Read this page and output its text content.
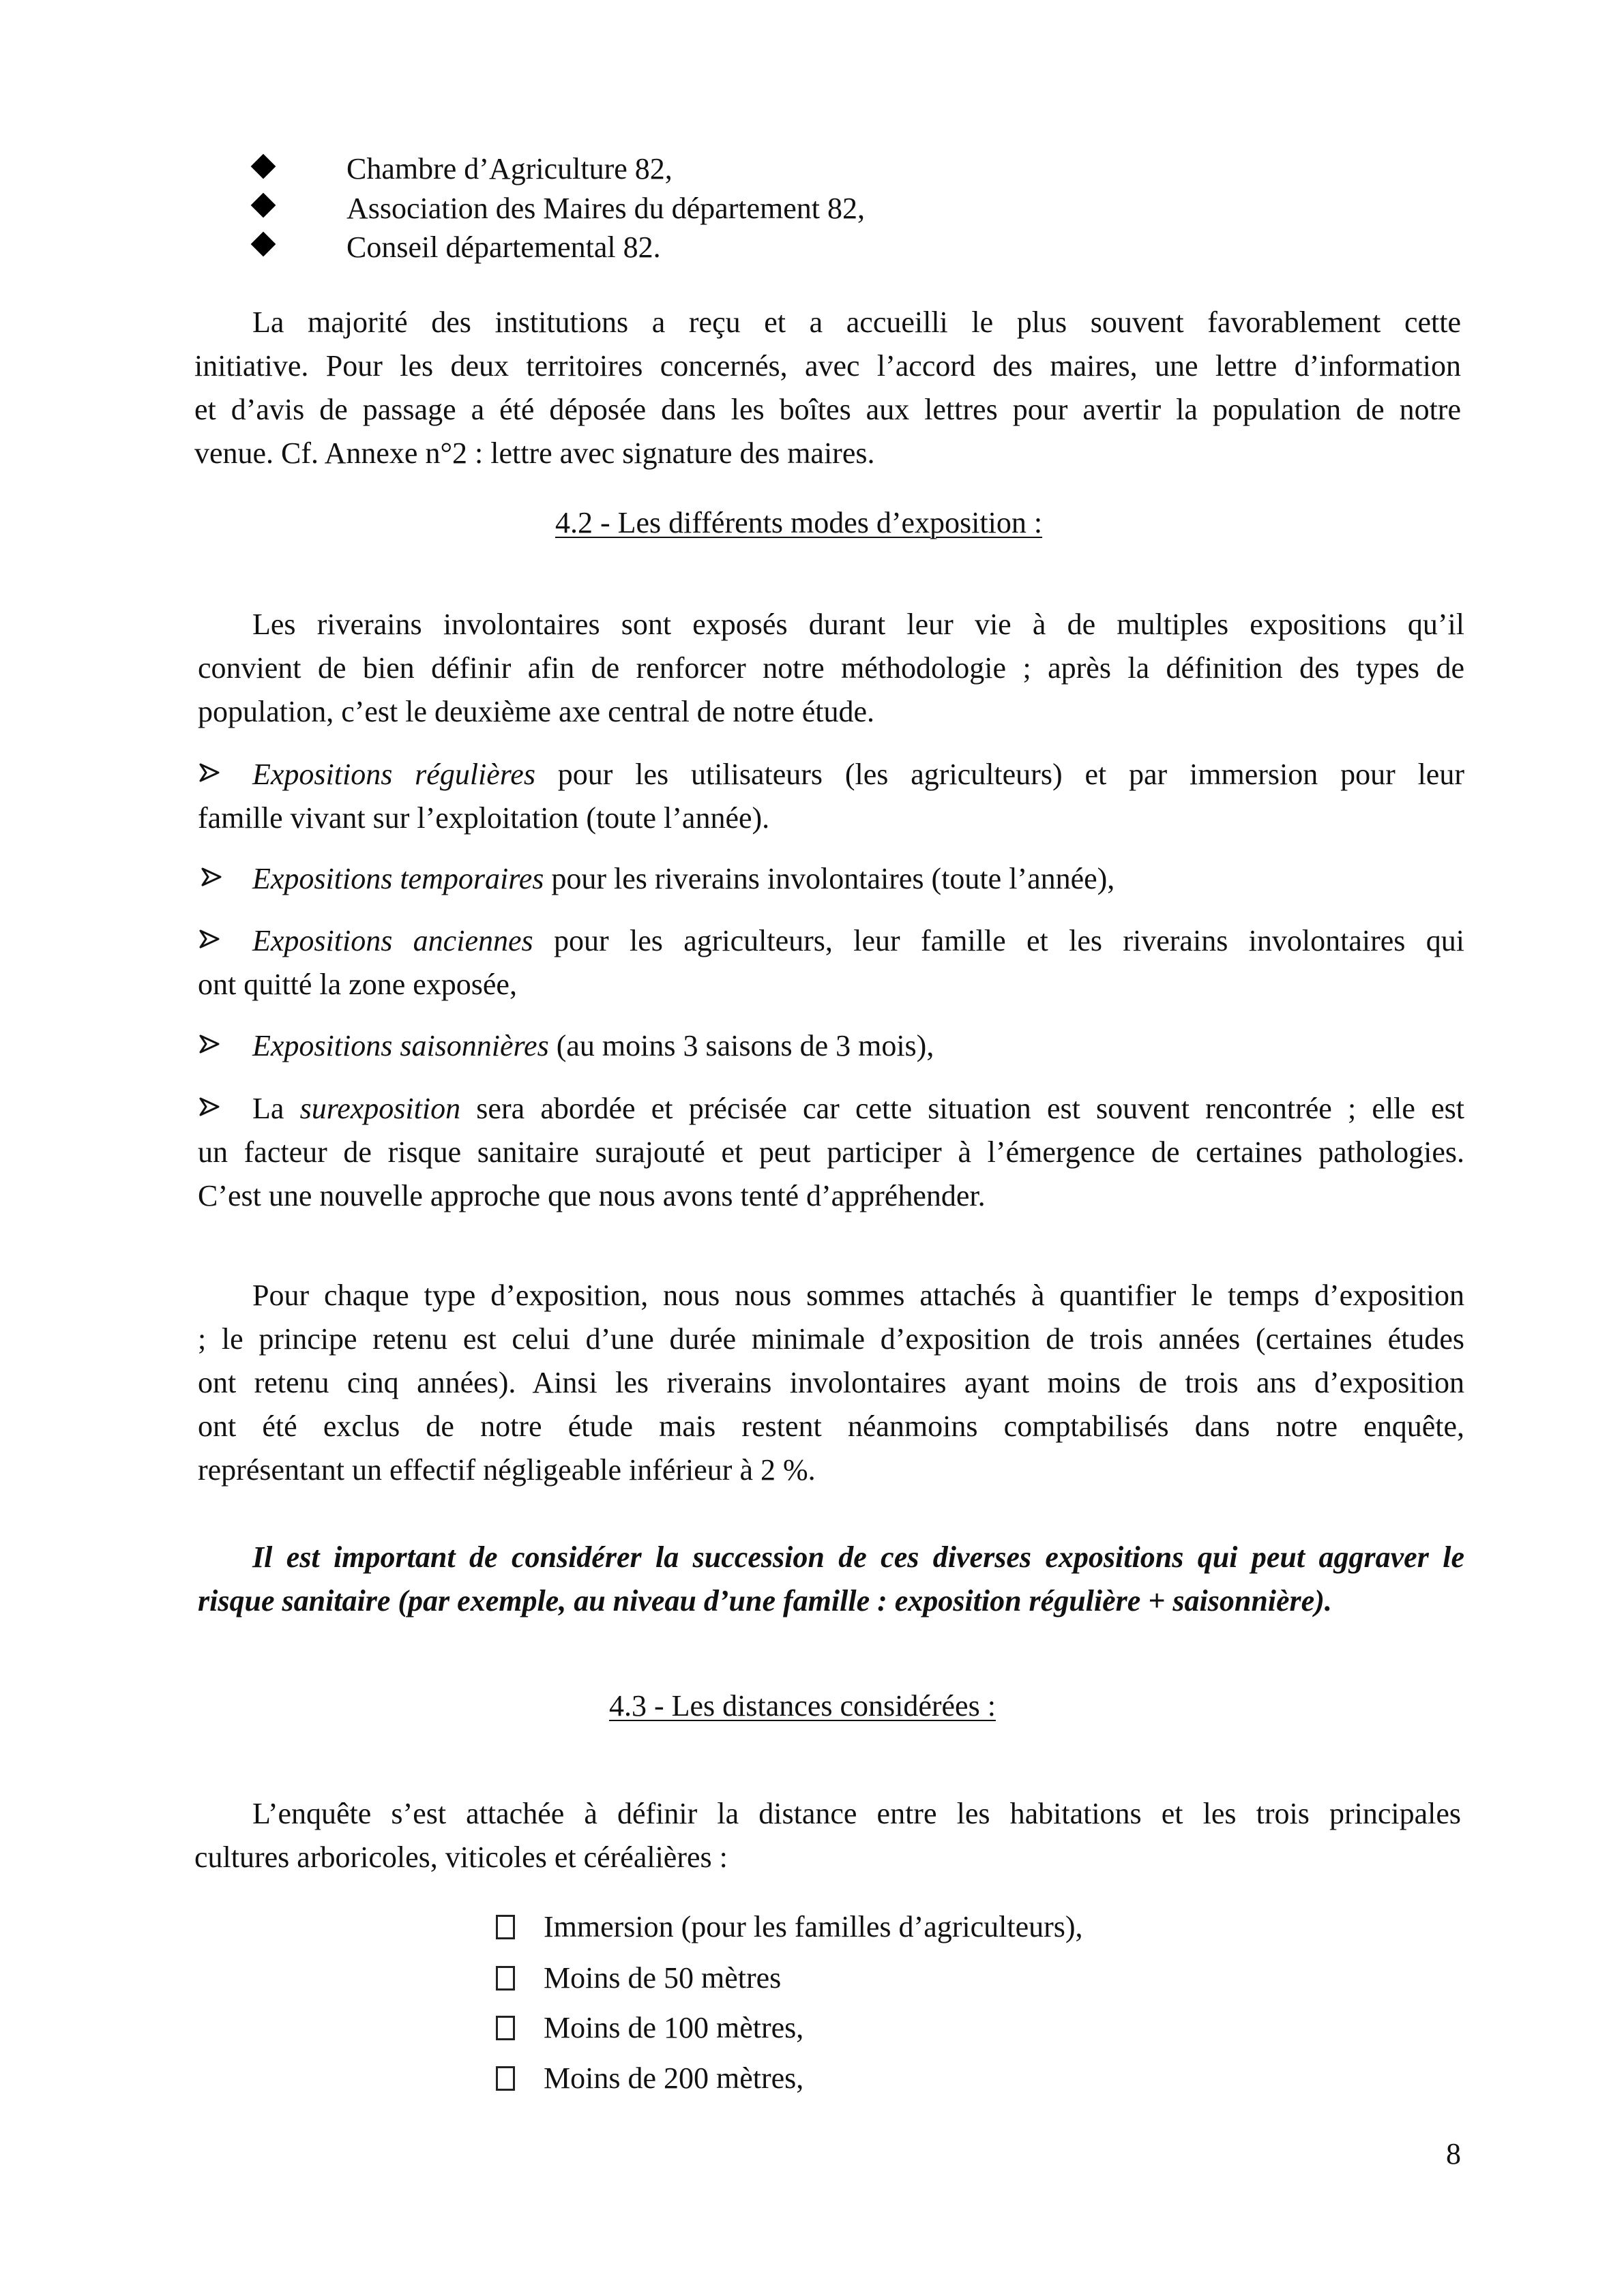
Chambre d’Agriculture 82,
Association des Maires du département 82,
Conseil départemental 82.
La majorité des institutions a reçu et a accueilli le plus souvent favorablement cette
initiative. Pour les deux territoires concernés, avec l’accord des maires, une lettre d’information
et d’avis de passage a été déposée dans les boîtes aux lettres pour avertir la population de notre
venue. Cf. Annexe n°2 : lettre avec signature des maires.
4.2 - Les différents modes d’exposition :
Les riverains involontaires sont exposés durant leur vie à de multiples expositions qu’il
convient de bien définir afin de renforcer notre méthodologie ; après la définition des types de
population, c’est le deuxième axe central de notre étude.
Expositions régulières pour les utilisateurs (les agriculteurs) et par immersion pour leur
famille vivant sur l’exploitation (toute l’année).
Expositions temporaires pour les riverains involontaires (toute l’année),
Expositions anciennes pour les agriculteurs, leur famille et les riverains involontaires qui
ont quitté la zone exposée,
Expositions saisonnières (au moins 3 saisons de 3 mois),
La surexposition sera abordée et précisée car cette situation est souvent rencontrée ; elle est
un facteur de risque sanitaire surajouté et peut participer à l’émergence de certaines pathologies.
C’est une nouvelle approche que nous avons tenté d’appréhender.
Pour chaque type d’exposition, nous nous sommes attachés à quantifier le temps d’exposition
; le principe retenu est celui d’une durée minimale d’exposition de trois années (certaines études
ont retenu cinq années). Ainsi les riverains involontaires ayant moins de trois ans d’exposition
ont été exclus de notre étude mais restent néanmoins comptabilisés dans notre enquête,
représentant un effectif négligeable inférieur à 2 %.
Il est important de considérer la succession de ces diverses expositions qui peut aggraver le
risque sanitaire (par exemple, au niveau d’une famille : exposition régulière + saisonnière).
4.3 - Les distances considérées :
L’enquête s’est attachée à définir la distance entre les habitations et les trois principales
cultures arboricoles, viticoles et céréalières :
Immersion (pour les familles d’agriculteurs),
Moins de 50 mètres
Moins de 100 mètres,
Moins de 200 mètres,
8
